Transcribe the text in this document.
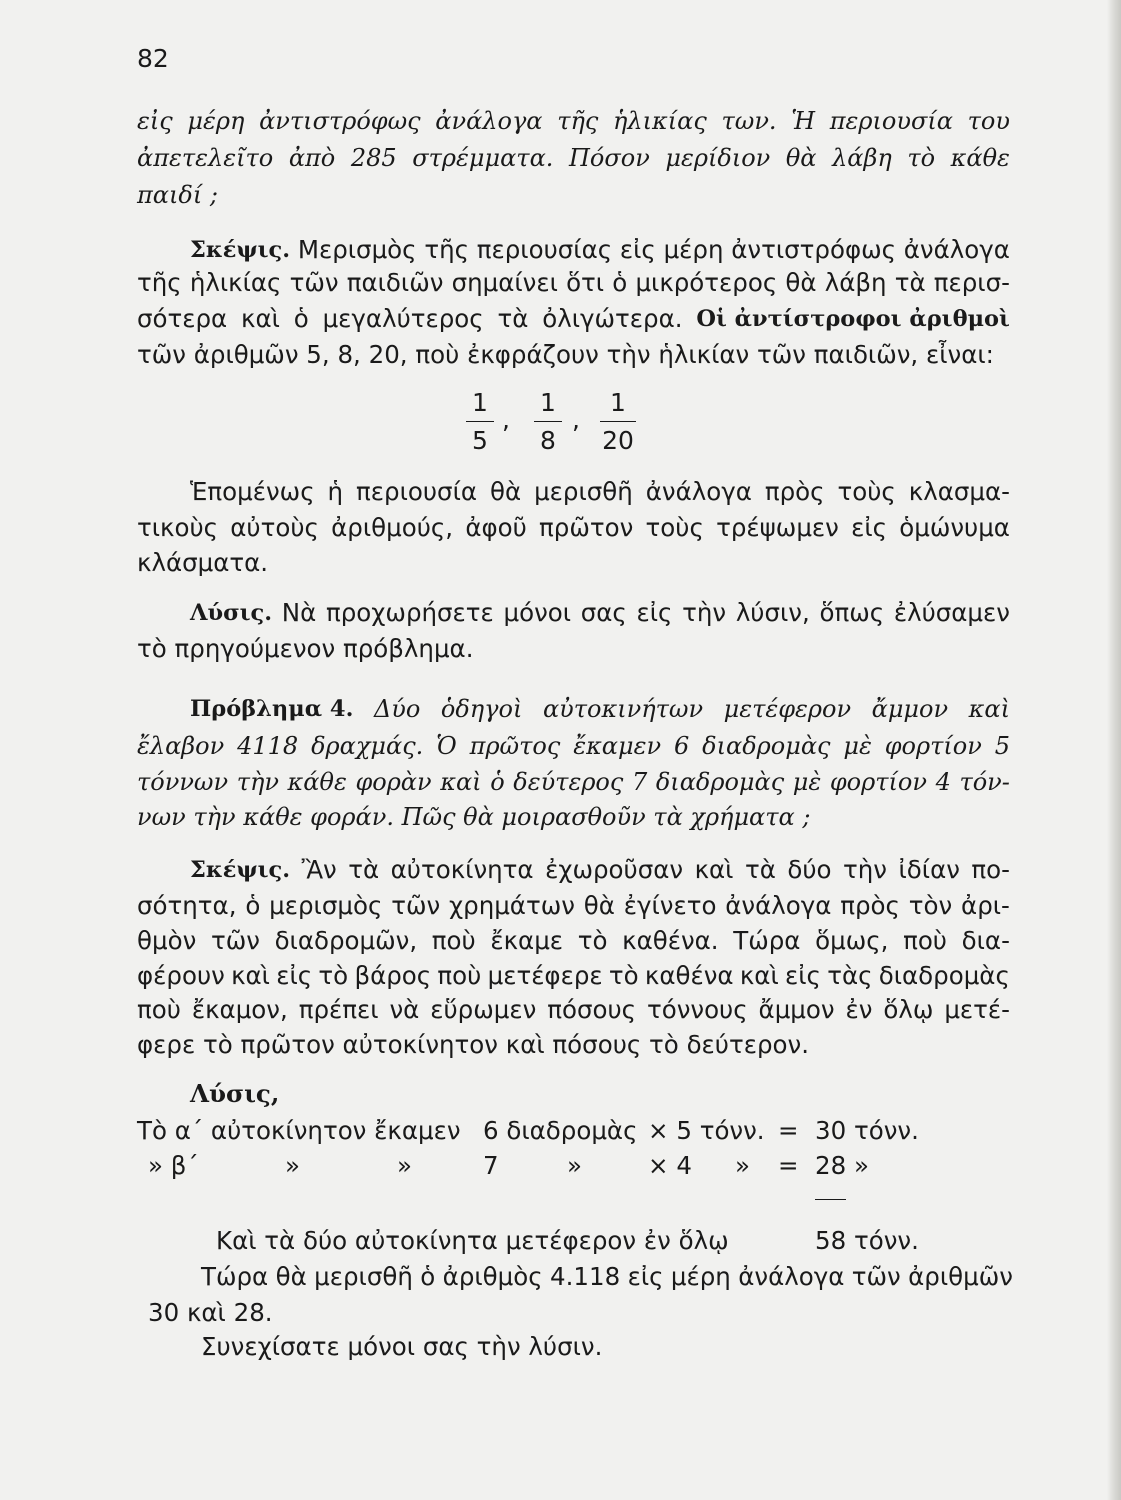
82
εἰς μέρη ἀντιστρόφως ἀνάλογα τῆς ἡλικίας των. Ἡ περιουσία του
ἀπετελεῖτο ἀπὸ 285 στρέμματα. Πόσον μερίδιον θὰ λάβη τὸ κάθε
παιδί ;
Σκέψις. Μερισμὸς τῆς περιουσίας εἰς μέρη ἀντιστρόφως ἀνάλογα
τῆς ἡλικίας τῶν παιδιῶν σημαίνει ὅτι ὁ μικρότερος θὰ λάβη τὰ περισ-
σότερα καὶ ὁ μεγαλύτερος τὰ ὀλιγώτερα. Οἱ ἀντίστροφοι ἀριθμοὶ
τῶν ἀριθμῶν 5, 8, 20, ποὺ ἐκφράζουν τὴν ἡλικίαν τῶν παιδιῶν, εἶναι:
1
5
,
1
8
,
1
20
Ἑπομένως ἡ περιουσία θὰ μερισθῆ ἀνάλογα πρὸς τοὺς κλασμα-
τικοὺς αὐτοὺς ἀριθμούς, ἀφοῦ πρῶτον τοὺς τρέψωμεν εἰς ὁμώνυμα
κλάσματα.
Λύσις. Νὰ προχωρήσετε μόνοι σας εἰς τὴν λύσιν, ὅπως ἐλύσαμεν
τὸ πρηγούμενον πρόβλημα.
Πρόβλημα 4. Δύο ὁδηγοὶ αὐτοκινήτων μετέφερον ἄμμον καὶ
ἔλαβον 4118 δραχμάς. Ὁ πρῶτος ἔκαμεν 6 διαδρομὰς μὲ φορτίον 5
τόννων τὴν κάθε φορὰν καὶ ὁ δεύτερος 7 διαδρομὰς μὲ φορτίον 4 τόν-
νων τὴν κάθε φοράν. Πῶς θὰ μοιρασθοῦν τὰ χρήματα ;
Σκέψις. Ἂν τὰ αὐτοκίνητα ἐχωροῦσαν καὶ τὰ δύο τὴν ἰδίαν πο-
σότητα, ὁ μερισμὸς τῶν χρημάτων θὰ ἐγίνετο ἀνάλογα πρὸς τὸν ἀρι-
θμὸν τῶν διαδρομῶν, ποὺ ἔκαμε τὸ καθένα. Τώρα ὅμως, ποὺ δια-
φέρουν καὶ εἰς τὸ βάρος ποὺ μετέφερε τὸ καθένα καὶ εἰς τὰς διαδρομὰς
ποὺ ἔκαμον, πρέπει νὰ εὕρωμεν πόσους τόννους ἄμμον ἐν ὅλῳ μετέ-
φερε τὸ πρῶτον αὐτοκίνητον καὶ πόσους τὸ δεύτερον.
Λύσις,
Τὸ α΄ αὐτοκίνητον ἔκαμεν 6 διαδρομὰς × 5 τόνν. = 30 τόνν.
» β΄	»	»	7	»	× 4 » = 28 »
Καὶ τὰ δύο αὐτοκίνητα μετέφερον ἐν ὅλῳ	58 τόνν.
Τώρα θὰ μερισθῆ ὁ ἀριθμὸς 4.118 εἰς μέρη ἀνάλογα τῶν ἀριθμῶν
30 καὶ 28.
Συνεχίσατε μόνοι σας τὴν λύσιν.
